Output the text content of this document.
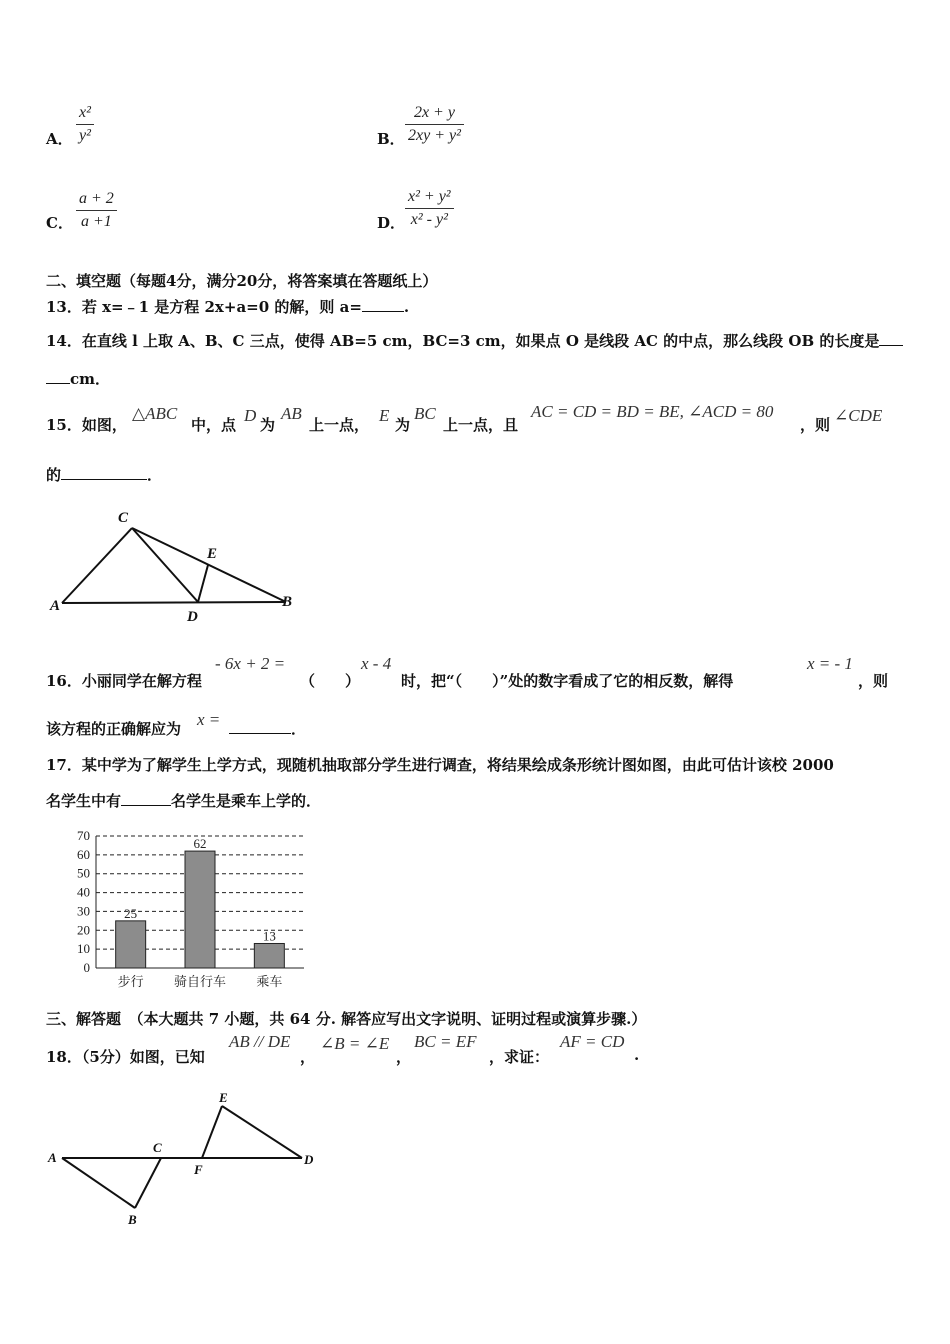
A． $\frac{\text{x²}}{\text{y²}}$	B． $\frac{2x + y}{\text{2xy + y²}}$
C． $\frac{a + 2}{a +1}$	D． $\frac{\text{x² + y²}}{\text{x² - y²}}$
二、填空题（每题4分，满分20分，将答案填在答题纸上）
13．若 x=﹣1 是方程 2x+a=0 的解，则 a=	.
14．在直线 l 上取 A、B、C 三点，使得 AB=5 cm，BC=3 cm，如果点 O 是线段 AC 的中点，那么线段 OB 的长度是
cm．
15．如图，
△ABC
中，点 D 为
AB
上一点， E 为
BC
上一点，且
AC = CD = BD = BE, ∠ACD = 80
，则 ∠CDE
的	．
C
E
A
D
B
16．小丽同学在解方程
- 6x + 2 =
（　　）
x - 4
时，把“（　　）”处的数字看成了它的相反数，解得
x = - 1
，则
该方程的正确解应为 x =	．
17．某中学为了解学生上学方式，现随机抽取部分学生进行调查，将结果绘成条形统计图如图，由此可估计该校 2000
名学生中有	名学生是乘车上学的．
0
10
20
30
40
50
60
70
25
步行
62
骑自行车
13
乘车
三、解答题　（本大题共 7 小题，共 64 分. 解答应写出文字说明、证明过程或演算步骤.）
18．（5分）如图，已知
AB // DE
，
∠B = ∠E
，
BC = EF
，求证：
AF = CD
.
A
C
B
E
F
D
